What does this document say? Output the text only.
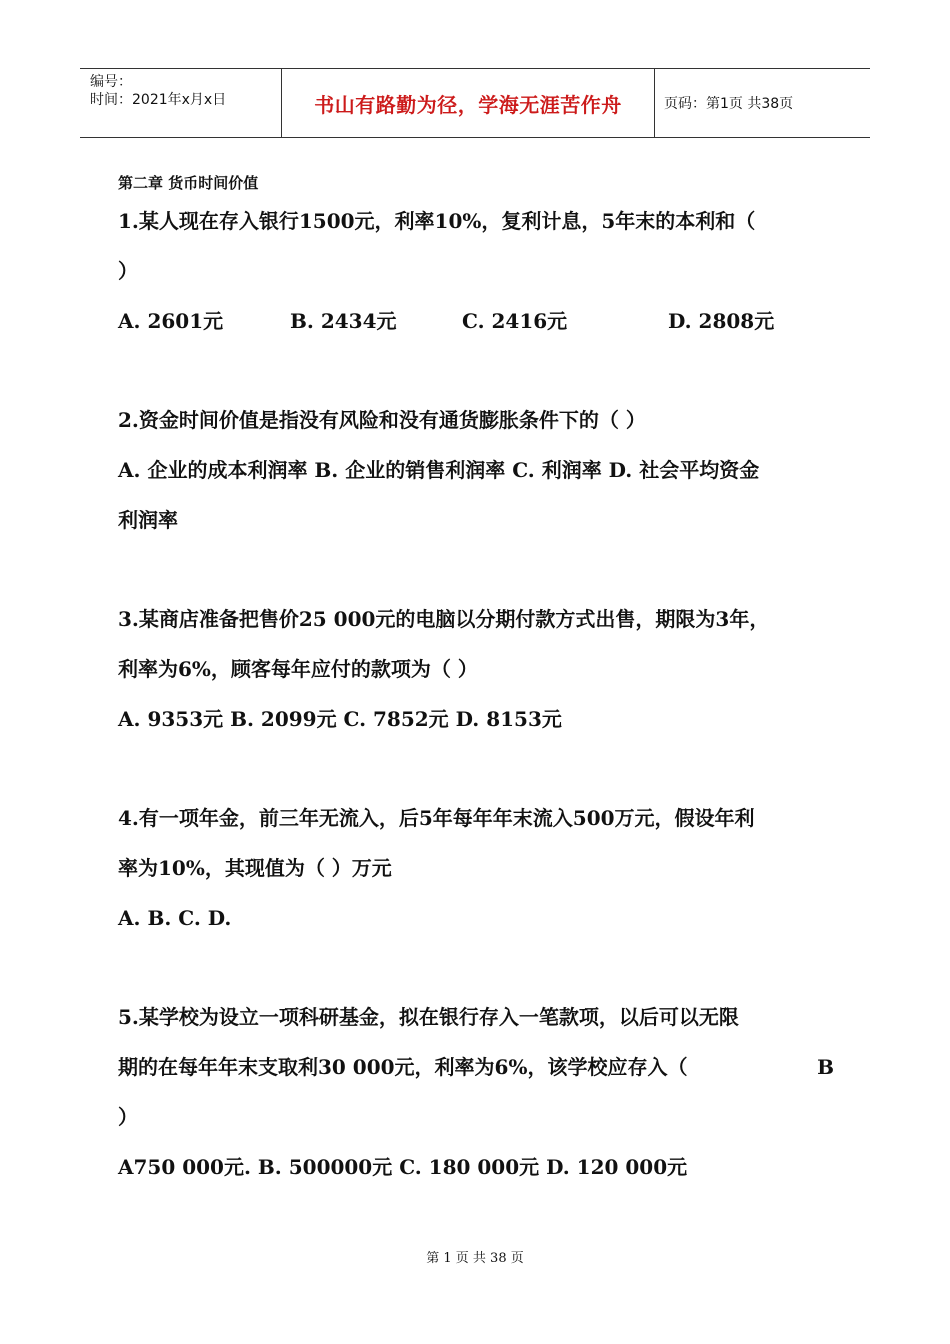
编号：
时间：2021年x月x日	书山有路勤为径，学海无涯苦作舟	页码：第1页 共38页
第二章 货币时间价值
1.某人现在存入银行1500元，利率10%，复利计息，5年末的本利和（
）
A. 2601元	B. 2434元	C. 2416元	D. 2808元
2.资金时间价值是指没有风险和没有通货膨胀条件下的（ ）
A. 企业的成本利润率 B. 企业的销售利润率 C. 利润率 D. 社会平均资金
利润率
3.某商店准备把售价25 000元的电脑以分期付款方式出售，期限为3年，
利率为6%，顾客每年应付的款项为（ ）
A. 9353元 B. 2099元 C. 7852元 D. 8153元
4.有一项年金，前三年无流入，后5年每年年末流入500万元，假设年利
率为10%，其现值为（ ）万元
A. B. C. D.
5.某学校为设立一项科研基金，拟在银行存入一笔款项，以后可以无限
期的在每年年末支取利30 000元，利率为6%，该学校应存入（	B
）
A750 000元. B. 500000元 C. 180 000元 D. 120 000元
第 1 页 共 38 页
